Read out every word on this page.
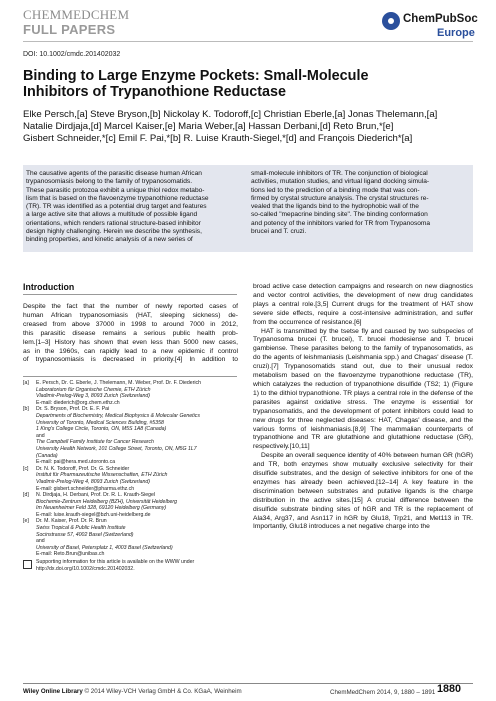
CHEMMEDCHEM
FULL PAPERS
ChemPubSoc
Europe
DOI: 10.1002/cmdc.201402032
Binding to Large Enzyme Pockets: Small-Molecule
Inhibitors of Trypanothione Reductase
Elke Persch,[a] Steve Bryson,[b] Nickolay K. Todoroff,[c] Christian Eberle,[a] Jonas Thelemann,[a]
Natalie Dirdjaja,[d] Marcel Kaiser,[e] Maria Weber,[a] Hassan Derbani,[d] Reto Brun,*[e]
Gisbert Schneider,*[c] Emil F. Pai,*[b] R. Luise Krauth-Siegel,*[d] and François Diederich*[a]
The causative agents of the parasitic disease human African
trypanosomiasis belong to the family of trypanosomatids.
These parasitic protozoa exhibit a unique thiol redox metabo-
lism that is based on the flavoenzyme trypanothione reductase
(TR). TR was identified as a potential drug target and features
a large active site that allows a multitude of possible ligand
orientations, which renders rational structure-based inhibitor
design highly challenging. Herein we describe the synthesis,
binding properties, and kinetic analysis of a new series of
small-molecule inhibitors of TR. The conjunction of biological
activities, mutation studies, and virtual ligand docking simula-
tions led to the prediction of a binding mode that was con-
firmed by crystal structure analysis. The crystal structures re-
vealed that the ligands bind to the hydrophobic wall of the
so-called "mepacrine binding site". The binding conformation
and potency of the inhibitors varied for TR from Trypanosoma
brucei and T. cruzi.
Introduction
Despite the fact that the number of newly reported cases of
human African trypanosomiasis (HAT, sleeping sickness) de-
creased from above 37000 in 1998 to around 7000 in 2012,
this parasitic disease remains a serious public health prob-
lem.[1–3] History has shown that even less than 5000 new cases,
as in the 1960s, can rapidly lead to a new epidemic if control
of trypanosomiasis is decreased in priority.[4] In addition to
[a] E. Persch, Dr. C. Eberle, J. Thelemann, M. Weber, Prof. Dr. F. Diederich
Laboratorium für Organische Chemie, ETH Zürich
Vladimir-Prelog-Weg 3, 8093 Zurich (Switzerland)
E-mail: diederich@org.chem.ethz.ch
[b] Dr. S. Bryson, Prof. Dr. E. F. Pai
Departments of Biochemistry, Medical Biophysics & Molecular Genetics
University of Toronto, Medical Sciences Building, #5358
1 King's College Circle, Toronto, ON, M5S 1A8 (Canada)
and
The Campbell Family Institute for Cancer Research
University Health Network, 101 College Street, Toronto, ON, M5G 1L7
(Canada)
E-mail: pai@hera.med.utoronto.ca
[c] Dr. N. K. Todoroff, Prof. Dr. G. Schneider
Institut für Pharmazeutische Wissenschaften, ETH Zürich
Vladimir-Prelog-Weg 4, 8093 Zurich (Switzerland)
E-mail: gisbert.schneider@pharma.ethz.ch
[d] N. Dirdjaja, H. Derbani, Prof. Dr. R. L. Krauth-Siegel
Biochemie-Zentrum Heidelberg (BZH), Universität Heidelberg
Im Neuenheimer Feld 328, 69120 Heidelberg (Germany)
E-mail: luise.krauth-siegel@bzh.uni-heidelberg.de
[e] Dr. M. Kaiser, Prof. Dr. R. Brun
Swiss Tropical & Public Health Institute
Socinstrasse 57, 4002 Basel (Switzerland)
and
University of Basel, Petersplatz 1, 4003 Basel (Switzerland)
E-mail: Reto.Brun@unibas.ch
Supporting information for this article is available on the WWW under
http://dx.doi.org/10.1002/cmdc.201402032.

broad active case detection campaigns and research on new diagnostics and vector control activities, the development of new drug candidates plays a central role.[3,5] Current drugs for the treatment of HAT show severe side effects, require a cost-intensive administration, and suffer from the occurrence of resistance.[6]

HAT is transmitted by the tsetse fly and caused by two subspecies of Trypanosoma brucei (T. brucei), T. brucei rhodesiense and T. brucei gambiense. These parasites belong to the family of trypanosomatids, as do the agents of leishmaniasis (Leishmania spp.) and Chagas' disease (T. cruzi).[7] Trypanosomatids stand out, due to their unusual redox metabolism based on the flavoenzyme trypanothione reductase (TR), which catalyzes the reduction of trypanothione disulfide (TS2; 1) (Figure 1) to the dithiol trypanothione. TR plays a central role in the defense of the parasites against oxidative stress. The enzyme is essential for trypanosomatids, and the development of potent inhibitors could lead to new drugs for three neglected diseases: HAT, Chagas' disease, and the various forms of leishmaniasis.[8,9] The mammalian counterparts of trypanothione and TR are glutathione and glutathione reductase (GR), respectively.[10,11]

Despite an overall sequence identity of 40% between human GR (hGR) and TR, both enzymes show mutually exclusive selectivity for their disulfide substrates, and the design of selective inhibitors for one of the enzymes has already been achieved.[12–14] A key feature in the discrimination between substrates and putative ligands is the charge distribution in the active sites.[15] A crucial difference between the disulfide substrate binding sites of hGR and TR is the replacement of Ala34, Arg37, and Asn117 in hGR by Glu18, Trp21, and Met113 in TR. Importantly, Glu18 introduces a net negative charge into the

Wiley Online Library © 2014 Wiley-VCH Verlag GmbH & Co. KGaA, Weinheim	ChemMedChem 2014, 9, 1880 – 1891 1880
